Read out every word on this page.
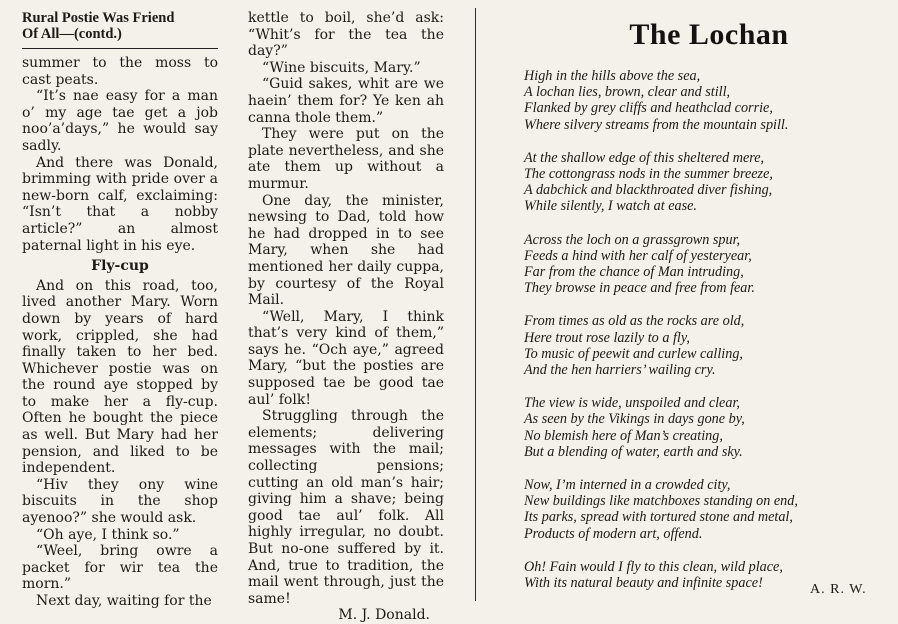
Rural Postie Was Friend
Of All—(contd.)

summer to the moss to cast peats.

“It’s nae easy for a man o’ my age tae get a job noo’a’days,” he would say sadly.

And there was Donald, brimming with pride over a new-born calf, exclaiming: “Isn’t that a nobby article?” an almost paternal light in his eye.

Fly-cup

And on this road, too, lived another Mary. Worn down by years of hard work, crippled, she had finally taken to her bed. Whichever postie was on the round aye stopped by to make her a fly-cup. Often he bought the piece as well. But Mary had her pension, and liked to be independent.

“Hiv they ony wine biscuits in the shop ayenoo?” she would ask.

“Oh aye, I think so.”

“Weel, bring owre a packet for wir tea the morn.”

Next day, waiting for the

kettle to boil, she’d ask: “Whit’s for the tea the day?”

“Wine biscuits, Mary.”

“Guid sakes, whit are we haein’ them for? Ye ken ah canna thole them.”

They were put on the plate nevertheless, and she ate them up without a murmur.

One day, the minister, newsing to Dad, told how he had dropped in to see Mary, when she had mentioned her daily cuppa, by courtesy of the Royal Mail.

“Well, Mary, I think that’s very kind of them,” says he. “Och aye,” agreed Mary, “but the posties are supposed tae be good tae aul’ folk!

Struggling through the elements; delivering messages with the mail; collecting pensions; cutting an old man’s hair; giving him a shave; being good tae aul’ folk. All highly irregular, no doubt. But no-one suffered by it. And, true to tradition, the mail went through, just the same!

M. J. Donald.
The Lochan
High in the hills above the sea,
A lochan lies, brown, clear and still,
Flanked by grey cliffs and heathclad corrie,
Where silvery streams from the mountain spill.
At the shallow edge of this sheltered mere,
The cottongrass nods in the summer breeze,
A dabchick and blackthroated diver fishing,
While silently, I watch at ease.
Across the loch on a grassgrown spur,
Feeds a hind with her calf of yesteryear,
Far from the chance of Man intruding,
They browse in peace and free from fear.
From times as old as the rocks are old,
Here trout rose lazily to a fly,
To music of peewit and curlew calling,
And the hen harriers’ wailing cry.
The view is wide, unspoiled and clear,
As seen by the Vikings in days gone by,
No blemish here of Man’s creating,
But a blending of water, earth and sky.
Now, I’m interned in a crowded city,
New buildings like matchboxes standing on end,
Its parks, spread with tortured stone and metal,
Products of modern art, offend.
Oh! Fain would I fly to this clean, wild place,
With its natural beauty and infinite space!	A. R. W.
